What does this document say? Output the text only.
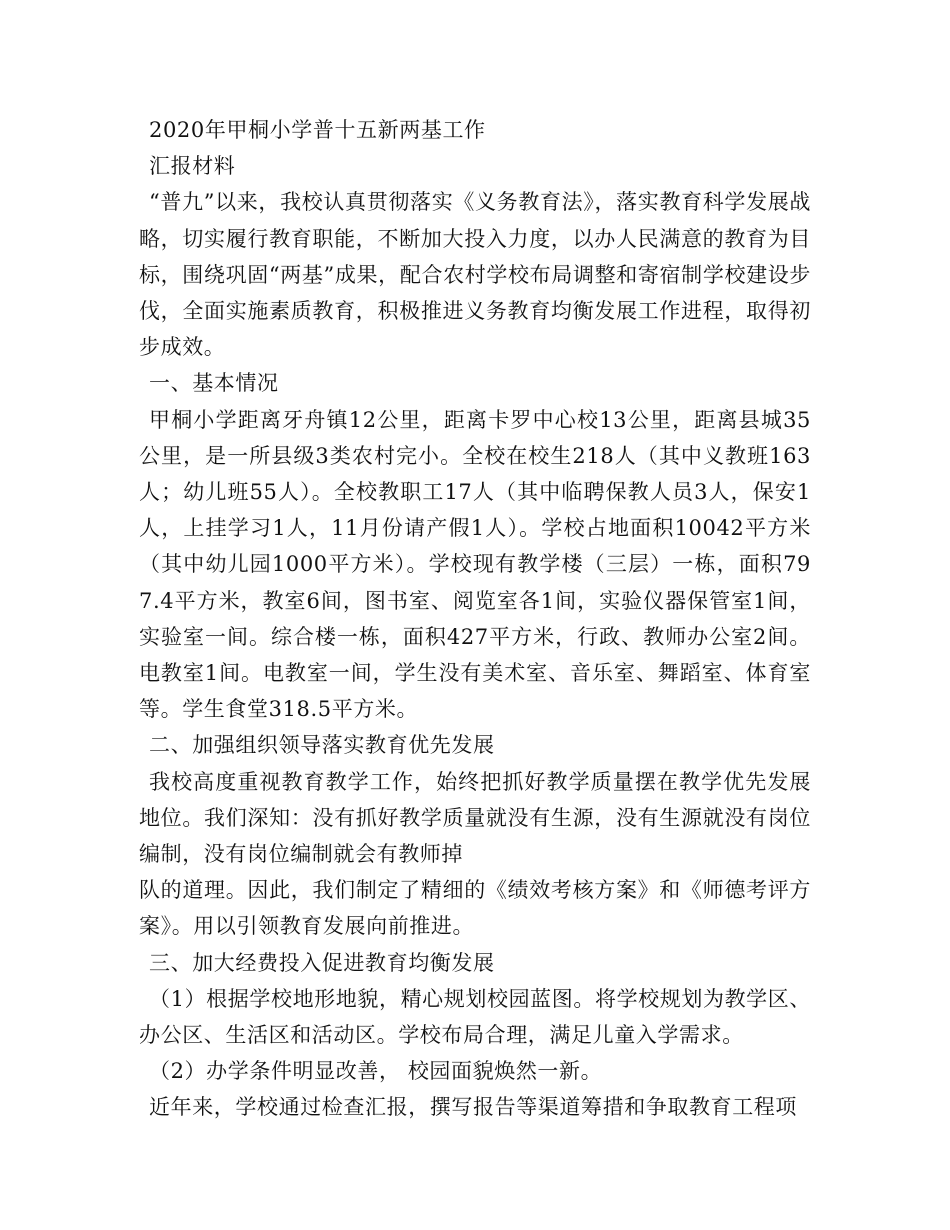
2020年甲桐小学普十五新两基工作
汇报材料

“普九”以来，我校认真贯彻落实《义务教育法》，落实教育科学发展战略，切实履行教育职能，不断加大投入力度，以办人民满意的教育为目标，围绕巩固“两基”成果，配合农村学校布局调整和寄宿制学校建设步伐，全面实施素质教育，积极推进义务教育均衡发展工作进程，取得初步成效。

一、基本情况

甲桐小学距离牙舟镇12公里，距离卡罗中心校13公里，距离县城35公里，是一所县级3类农村完小。全校在校生218人（其中义教班163人；幼儿班55人）。全校教职工17人（其中临聘保教人员3人，保安1人，上挂学习1人，11月份请产假1人）。学校占地面积10042平方米（其中幼儿园1000平方米）。学校现有教学楼（三层）一栋，面积797.4平方米，教室6间，图书室、阅览室各1间，实验仪器保管室1间，实验室一间。综合楼一栋，面积427平方米，行政、教师办公室2间。电教室1间。电教室一间，学生没有美术室、音乐室、舞蹈室、体育室等。学生食堂318.5平方米。

二、加强组织领导落实教育优先发展

我校高度重视教育教学工作，始终把抓好教学质量摆在教学优先发展地位。我们深知：没有抓好教学质量就没有生源，没有生源就没有岗位编制，没有岗位编制就会有教师掉

队的道理。因此，我们制定了精细的《绩效考核方案》和《师德考评方案》。用以引领教育发展向前推进。

三、加大经费投入促进教育均衡发展

（1）根据学校地形地貌，精心规划校园蓝图。将学校规划为教学区、办公区、生活区和活动区。学校布局合理，满足儿童入学需求。

（2）办学条件明显改善， 校园面貌焕然一新。

近年来，学校通过检查汇报，撰写报告等渠道筹措和争取教育工程项
